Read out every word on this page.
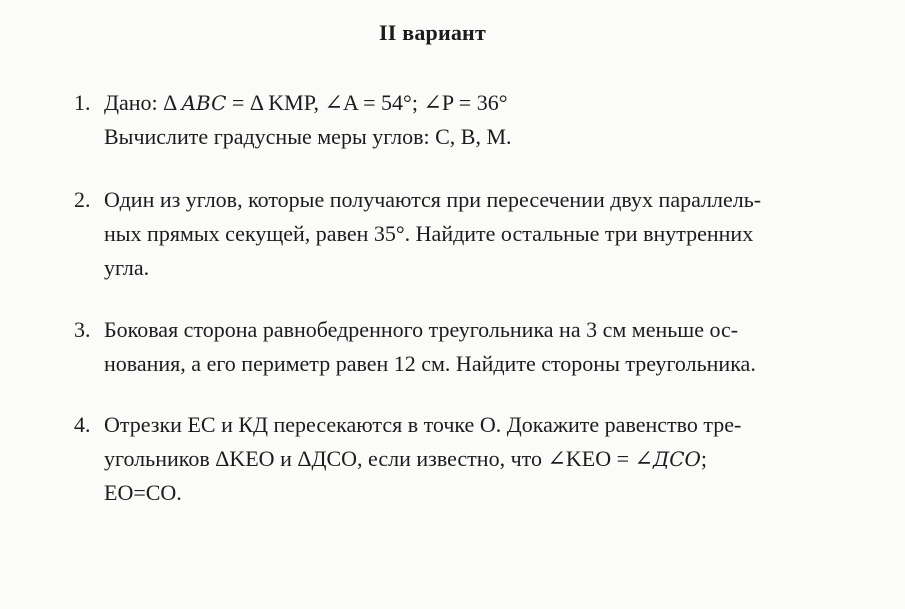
II вариант
1. Дано: Δ ABC = Δ KMP, ∠A = 54°; ∠P = 36°
Вычислите градусные меры углов: C, B, M.
2. Один из углов, которые получаются при пересечении двух параллель-
ных прямых секущей, равен 35°. Найдите остальные три внутренних
угла.
3. Боковая сторона равнобедренного треугольника на 3 см меньше ос-
нования, а его периметр равен 12 см. Найдите стороны треугольника.
4. Отрезки ЕС и КД пересекаются в точке О. Докажите равенство тре-
угольников ΔKEO и ΔДСО, если известно, что ∠KEO = ∠ДСО;
EO=CO.
